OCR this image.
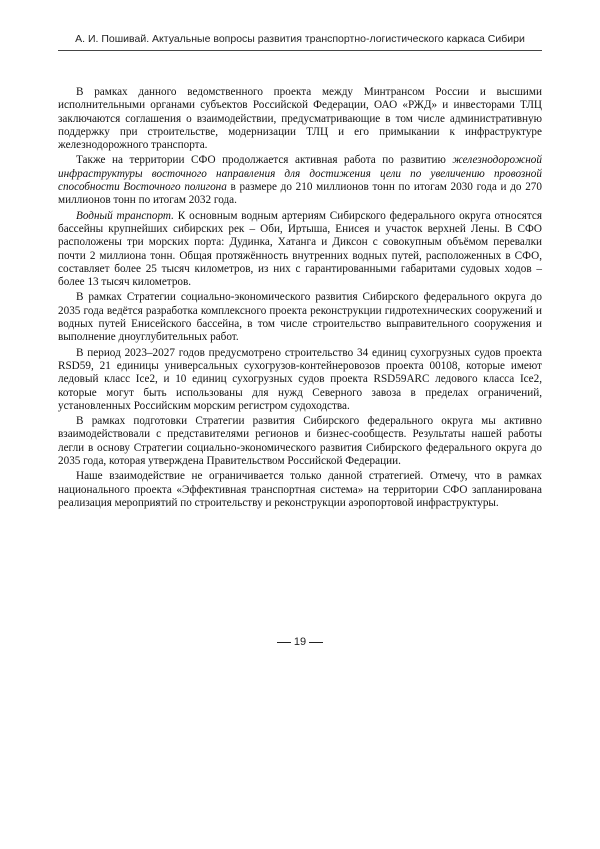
А. И. Пошивай. Актуальные вопросы развития транспортно-логистического каркаса Сибири

В рамках данного ведомственного проекта между Минтрансом России и высшими исполнительными органами субъектов Российской Федерации, ОАО «РЖД» и инвесторами ТЛЦ заключаются соглашения о взаимодействии, предусматривающие в том числе административную поддержку при строительстве, модернизации ТЛЦ и его примыкании к инфраструктуре железнодорожного транспорта.

Также на территории СФО продолжается активная работа по развитию железнодорожной инфраструктуры восточного направления для достижения цели по увеличению провозной способности Восточного полигона в размере до 210 миллионов тонн по итогам 2030 года и до 270 миллионов тонн по итогам 2032 года.

Водный транспорт. К основным водным артериям Сибирского федерального округа относятся бассейны крупнейших сибирских рек – Оби, Иртыша, Енисея и участок верхней Лены. В СФО расположены три морских порта: Дудинка, Хатанга и Диксон с совокупным объёмом перевалки почти 2 миллиона тонн. Общая протяжённость внутренних водных путей, расположенных в СФО, составляет более 25 тысяч километров, из них с гарантированными габаритами судовых ходов – более 13 тысяч километров.

В рамках Стратегии социально-экономического развития Сибирского федерального округа до 2035 года ведётся разработка комплексного проекта реконструкции гидротехнических сооружений и водных путей Енисейского бассейна, в том числе строительство выправительного сооружения и выполнение дноуглубительных работ.

В период 2023–2027 годов предусмотрено строительство 34 единиц сухогрузных судов проекта RSD59, 21 единицы универсальных сухогрузов-контейнеровозов проекта 00108, которые имеют ледовый класс Ice2, и 10 единиц сухогрузных судов проекта RSD59ARC ледового класса Ice2, которые могут быть использованы для нужд Северного завоза в пределах ограничений, установленных Российским морским регистром судоходства.

В рамках подготовки Стратегии развития Сибирского федерального округа мы активно взаимодействовали с представителями регионов и бизнес-сообществ. Результаты нашей работы легли в основу Стратегии социально-экономического развития Сибирского федерального округа до 2035 года, которая утверждена Правительством Российской Федерации.

Наше взаимодействие не ограничивается только данной стратегией. Отмечу, что в рамках национального проекта «Эффективная транспортная система» на территории СФО запланирована реализация мероприятий по строительству и реконструкции аэропортовой инфраструктуры.

19
